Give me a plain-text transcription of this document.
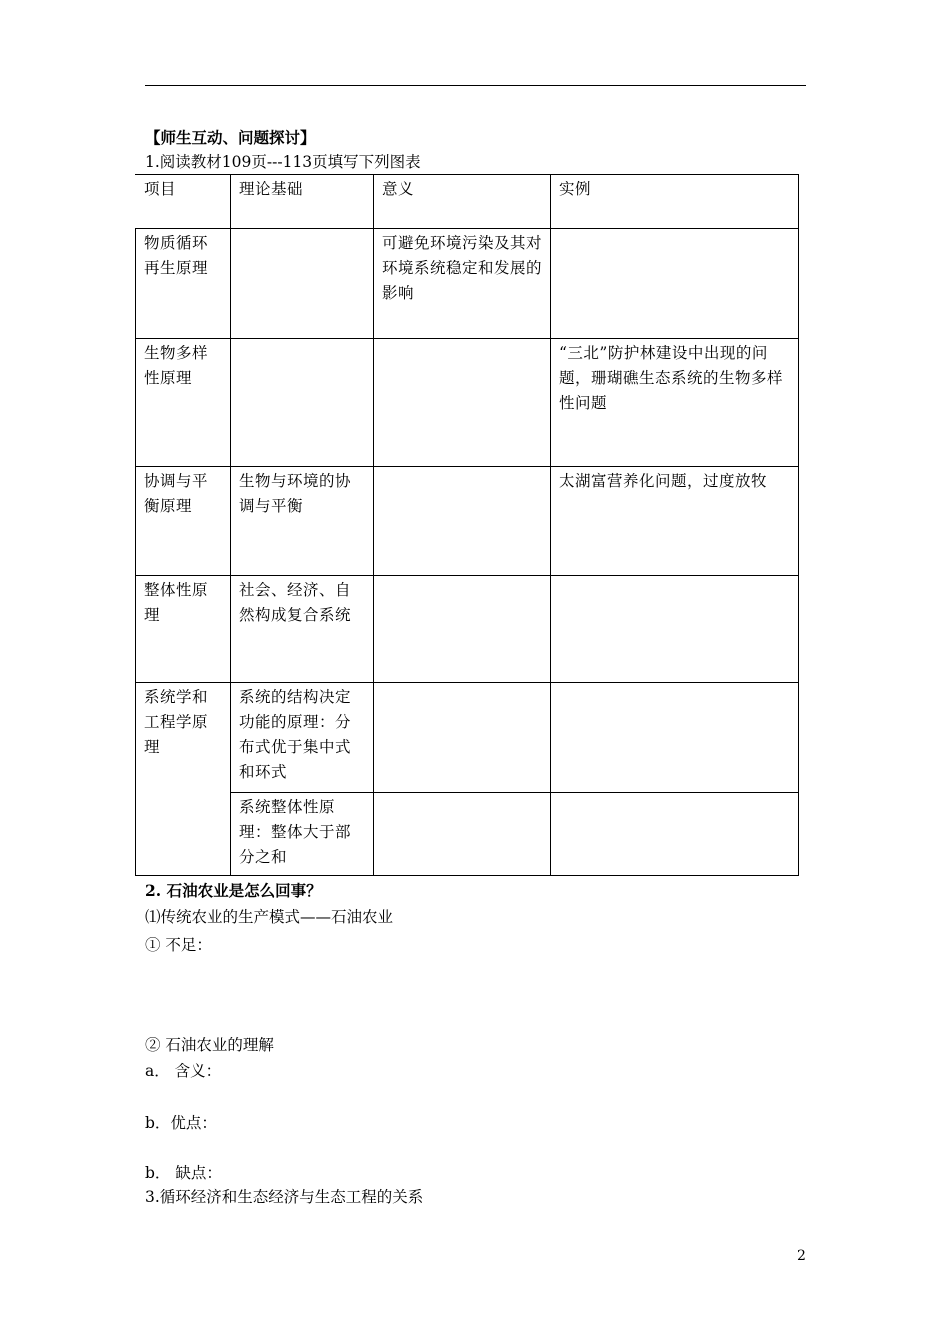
【师生互动、问题探讨】
1.阅读教材109页---113页填写下列图表
项目	理论基础	意义	实例
物质循环再生原理		可避免环境污染及其对环境系统稳定和发展的影响	
生物多样性原理			“三北”防护林建设中出现的问题，珊瑚礁生态系统的生物多样性问题
协调与平衡原理	生物与环境的协调与平衡		太湖富营养化问题，过度放牧
整体性原理	社会、经济、自然构成复合系统		
系统学和工程学原理	系统的结构决定功能的原理：分布式优于集中式和环式		
	系统整体性原理：整体大于部分之和		
2. 石油农业是怎么回事？
⑴传统农业的生产模式——石油农业
① 不足：
② 石油农业的理解
a． 含义：
b．优点：
b． 缺点：
3.循环经济和生态经济与生态工程的关系
2
